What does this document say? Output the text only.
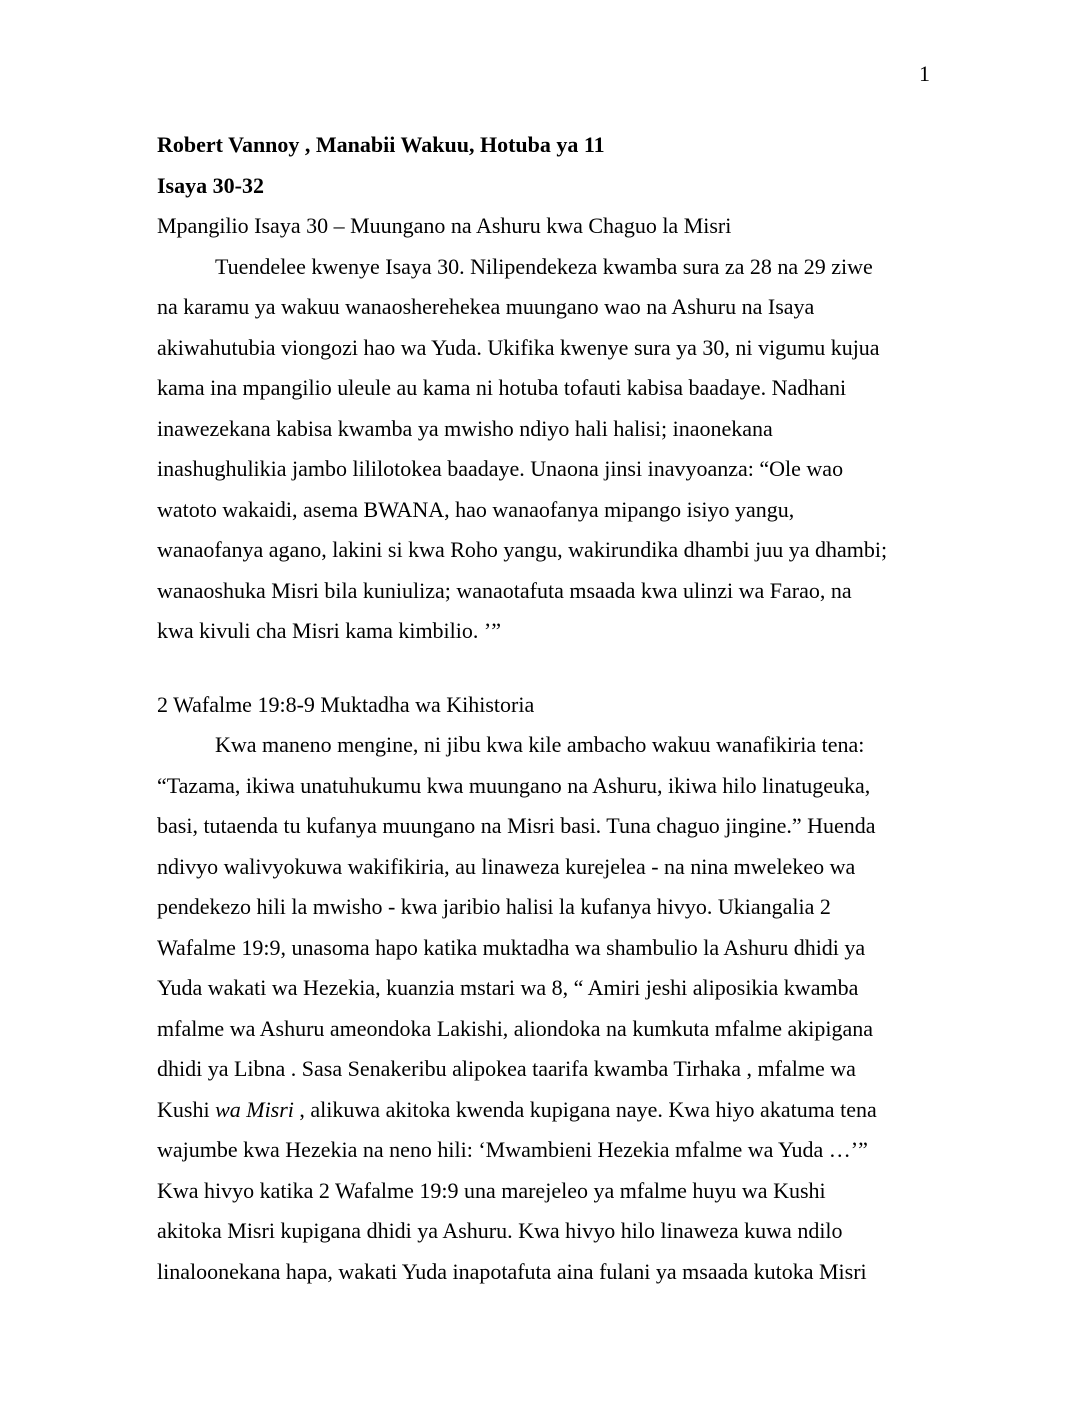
1
Robert Vannoy , Manabii Wakuu, Hotuba ya 11
Isaya 30-32
Mpangilio Isaya 30 – Muungano na Ashuru kwa Chaguo la Misri
Tuendelee kwenye Isaya 30. Nilipendekeza kwamba sura za 28 na 29 ziwe
na karamu ya wakuu wanaosherehekea muungano wao na Ashuru na Isaya
akiwahutubia viongozi hao wa Yuda. Ukifika kwenye sura ya 30, ni vigumu kujua
kama ina mpangilio uleule au kama ni hotuba tofauti kabisa baadaye. Nadhani
inawezekana kabisa kwamba ya mwisho ndiyo hali halisi; inaonekana
inashughulikia jambo lililotokea baadaye. Unaona jinsi inavyoanza: “Ole wao
watoto wakaidi, asema BWANA, hao wanaofanya mipango isiyo yangu,
wanaofanya agano, lakini si kwa Roho yangu, wakirundika dhambi juu ya dhambi;
wanaoshuka Misri bila kuniuliza; wanaotafuta msaada kwa ulinzi wa Farao, na
kwa kivuli cha Misri kama kimbilio. ’”
2 Wafalme 19:8-9 Muktadha wa Kihistoria
Kwa maneno mengine, ni jibu kwa kile ambacho wakuu wanafikiria tena:
“Tazama, ikiwa unatuhukumu kwa muungano na Ashuru, ikiwa hilo linatugeuka,
basi, tutaenda tu kufanya muungano na Misri basi. Tuna chaguo jingine.” Huenda
ndivyo walivyokuwa wakifikiria, au linaweza kurejelea - na nina mwelekeo wa
pendekezo hili la mwisho - kwa jaribio halisi la kufanya hivyo. Ukiangalia 2
Wafalme 19:9, unasoma hapo katika muktadha wa shambulio la Ashuru dhidi ya
Yuda wakati wa Hezekia, kuanzia mstari wa 8, “ Amiri jeshi aliposikia kwamba
mfalme wa Ashuru ameondoka Lakishi, aliondoka na kumkuta mfalme akipigana
dhidi ya Libna . Sasa Senakeribu alipokea taarifa kwamba Tirhaka , mfalme wa
Kushi wa Misri , alikuwa akitoka kwenda kupigana naye. Kwa hiyo akatuma tena
wajumbe kwa Hezekia na neno hili: ‘Mwambieni Hezekia mfalme wa Yuda …’”
Kwa hivyo katika 2 Wafalme 19:9 una marejeleo ya mfalme huyu wa Kushi
akitoka Misri kupigana dhidi ya Ashuru. Kwa hivyo hilo linaweza kuwa ndilo
linaloonekana hapa, wakati Yuda inapotafuta aina fulani ya msaada kutoka Misri
